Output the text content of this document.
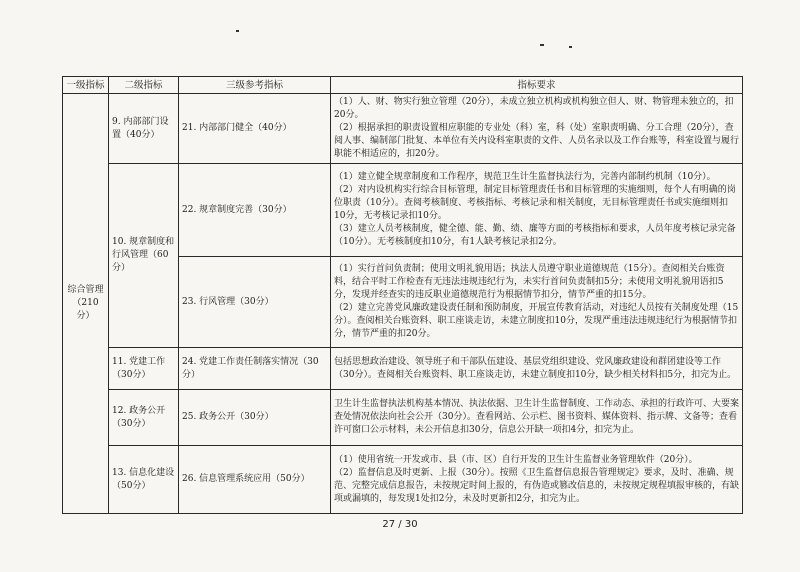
一级指标	二级指标	三级参考指标	指标要求
综合管理（210分）	9. 内部部门设置（40分）	21. 内部部门健全（40分）	（1）人、财、物实行独立管理（20分），未成立独立机构或机构独立但人、财、物管理未独立的，扣20分。

（2）根据承担的职责设置相应职能的专业处（科）室，科（处）室职责明确、分工合理（20分），查阅人事、编制部门批复、本单位有关内设科室职责的文件、人员名录以及工作台账等，科室设置与履行职能不相适应的，扣20分。

	10. 规章制度和行风管理（60分）	22. 规章制度完善（30分）	（1）建立健全规章制度和工作程序，规范卫生计生监督执法行为，完善内部制约机制（10分）。

（2）对内设机构实行综合目标管理，制定目标管理责任书和目标管理的实施细则，每个人有明确的岗位职责（10分）。查阅考核制度、考核指标、考核记录和相关制度，无目标管理责任书或实施细则扣10分，无考核记录扣10分。

（3）建立人员考核制度，健全德、能、勤、绩、廉等方面的考核指标和要求，人员年度考核记录完备（10分）。无考核制度扣10分，有1人缺考核记录扣2分。

		23. 行风管理（30分）	（1）实行首问负责制；使用文明礼貌用语；执法人员遵守职业道德规范（15分）。查阅相关台账资料，结合平时工作检查有无违法违规违纪行为，未实行首问负责制扣5分；未使用文明礼貌用语扣5分，发现并经查实的违反职业道德规范行为根据情节扣分，情节严重的扣15分。

（2）建立完善党风廉政建设责任制和预防制度，开展宣传教育活动，对违纪人员按有关制度处理（15分）。查阅相关台账资料、职工座谈走访，未建立制度扣10分，发现严重违法违规违纪行为根据情节扣分，情节严重的扣20分。

	11. 党建工作（30分）	24. 党建工作责任制落实情况（30分）	包括思想政治建设、领导班子和干部队伍建设、基层党组织建设、党风廉政建设和群团建设等工作（30分）。查阅相关台账资料、职工座谈走访，未建立制度扣10分，缺少相关材料扣5分，扣完为止。

	12. 政务公开（30分）	25. 政务公开（30分）	卫生计生监督执法机构基本情况、执法依据、卫生计生监督制度、工作动态、承担的行政许可、大要案查处情况依法向社会公开（30分）。查看网站、公示栏、图书资料、媒体资料、指示牌、文备等；查看许可窗口公示材料，未公开信息扣30分，信息公开缺一项扣4分，扣完为止。

	13. 信息化建设（50分）	26. 信息管理系统应用（50分）	（1）使用省统一开发或市、县（市、区）自行开发的卫生计生监督业务管理软件（20分）。

（2）监督信息及时更新、上报（30分）。按照《卫生监督信息报告管理规定》要求，及时、准确、规范、完整完成信息报告，未按规定时间上报的，有伪造或篡改信息的，未按规定规程填报审核的，有缺项或漏填的，每发现1处扣2分，未及时更新扣2分，扣完为止。

27 / 30
